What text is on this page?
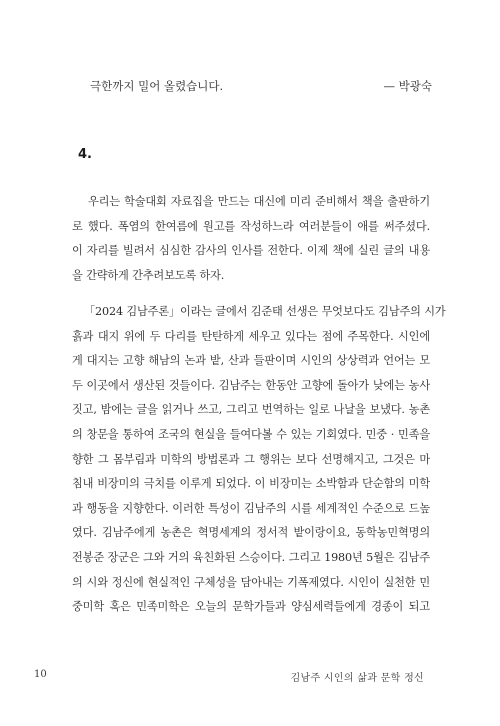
극한까지 밀어 올렸습니다.	— 박광숙
4.
우리는 학술대회 자료집을 만드는 대신에 미리 준비해서 책을 출판하기
로 했다. 폭염의 한여름에 원고를 작성하느라 여러분들이 애를 써주셨다.
이 자리를 빌려서 심심한 감사의 인사를 전한다. 이제 책에 실린 글의 내용
을 간략하게 간추려보도록 하자.
「2024 김남주론」이라는 글에서 김준태 선생은 무엇보다도 김남주의 시가
흙과 대지 위에 두 다리를 탄탄하게 세우고 있다는 점에 주목한다. 시인에
게 대지는 고향 해남의 논과 밭, 산과 들판이며 시인의 상상력과 언어는 모
두 이곳에서 생산된 것들이다. 김남주는 한동안 고향에 돌아가 낮에는 농사
짓고, 밤에는 글을 읽거나 쓰고, 그리고 번역하는 일로 나날을 보냈다. 농촌
의 창문을 통하여 조국의 현실을 들여다볼 수 있는 기회였다. 민중 · 민족을
향한 그 몸부림과 미학의 방법론과 그 행위는 보다 선명해지고, 그것은 마
침내 비장미의 극치를 이루게 되었다. 이 비장미는 소박함과 단순함의 미학
과 행동을 지향한다. 이러한 특성이 김남주의 시를 세계적인 수준으로 드높
였다. 김남주에게 농촌은 혁명세계의 정서적 밭이랑이요, 동학농민혁명의
전봉준 장군은 그와 거의 육친화된 스승이다. 그리고 1980년 5월은 김남주
의 시와 정신에 현실적인 구체성을 담아내는 기폭제였다. 시인이 실천한 민
중미학 혹은 민족미학은 오늘의 문학가들과 양심세력들에게 경종이 되고
10	김남주 시인의 삶과 문학 정신
